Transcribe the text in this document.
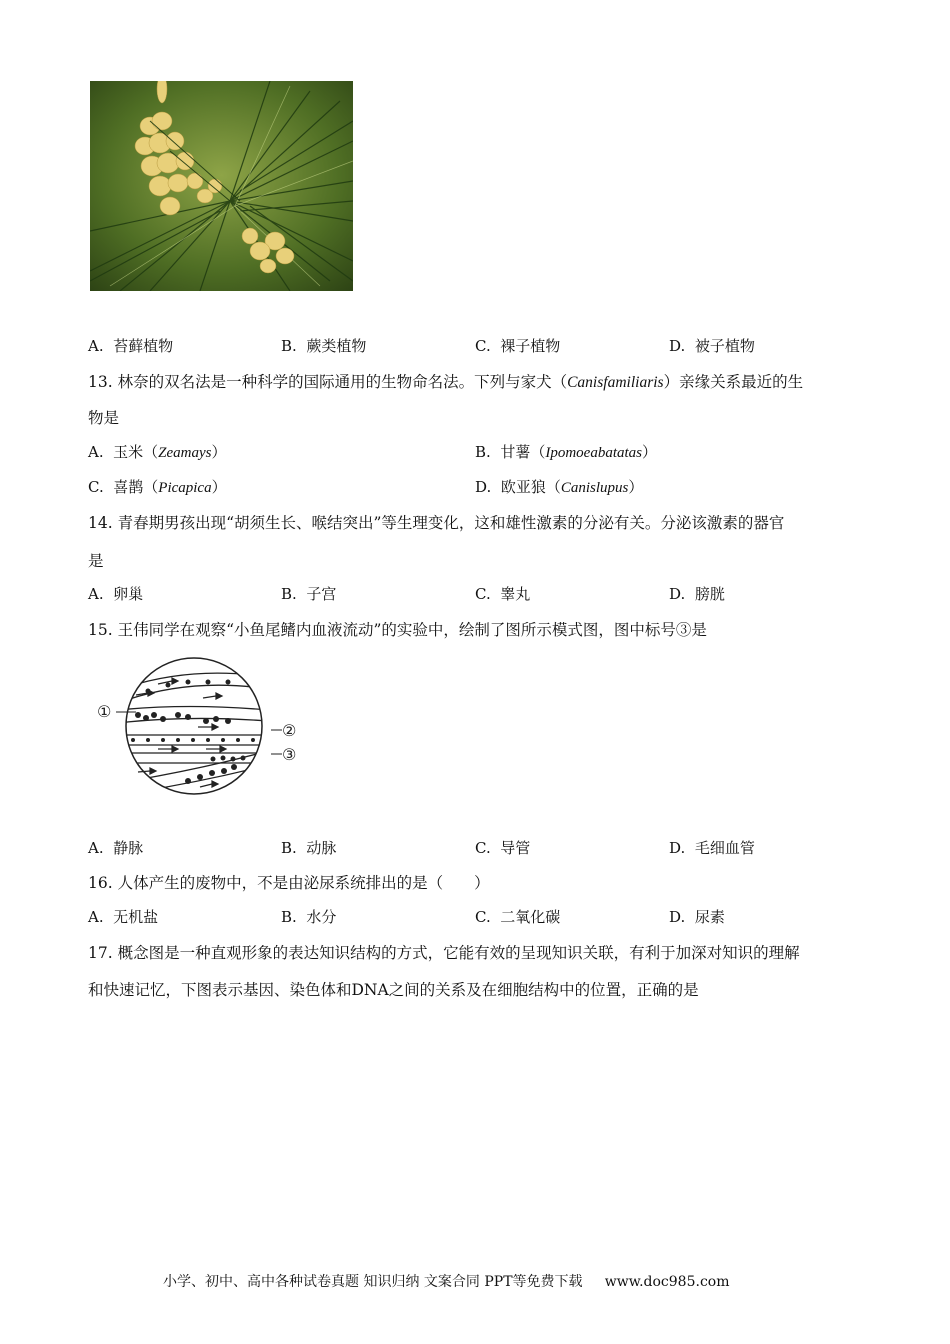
A. 苔藓植物	B. 蕨类植物	C. 裸子植物	D. 被子植物
13. 林奈的双名法是一种科学的国际通用的生物命名法。下列与家犬（Canisfamiliaris）亲缘关系最近的生
物是
A. 玉米（Zeamays）	B. 甘薯（Ipomoeabatatas）
C. 喜鹊（Picapica）	D. 欧亚狼（Canislupus）
14. 青春期男孩出现“胡须生长、喉结突出”等生理变化，这和雄性激素的分泌有关。分泌该激素的器官
是
A. 卵巢	B. 子宫	C. 睾丸	D. 膀胱
15. 王伟同学在观察“小鱼尾鳍内血液流动”的实验中，绘制了图所示模式图，图中标号③是
①
②
③
A. 静脉	B. 动脉	C. 导管	D. 毛细血管
16. 人体产生的废物中，不是由泌尿系统排出的是（　　）
A. 无机盐	B. 水分	C. 二氧化碳	D. 尿素
17. 概念图是一种直观形象的表达知识结构的方式，它能有效的呈现知识关联，有利于加深对知识的理解
和快速记忆，下图表示基因、染色体和DNA之间的关系及在细胞结构中的位置，正确的是
小学、初中、高中各种试卷真题 知识归纳 文案合同 PPT等免费下载 www.doc985.com
